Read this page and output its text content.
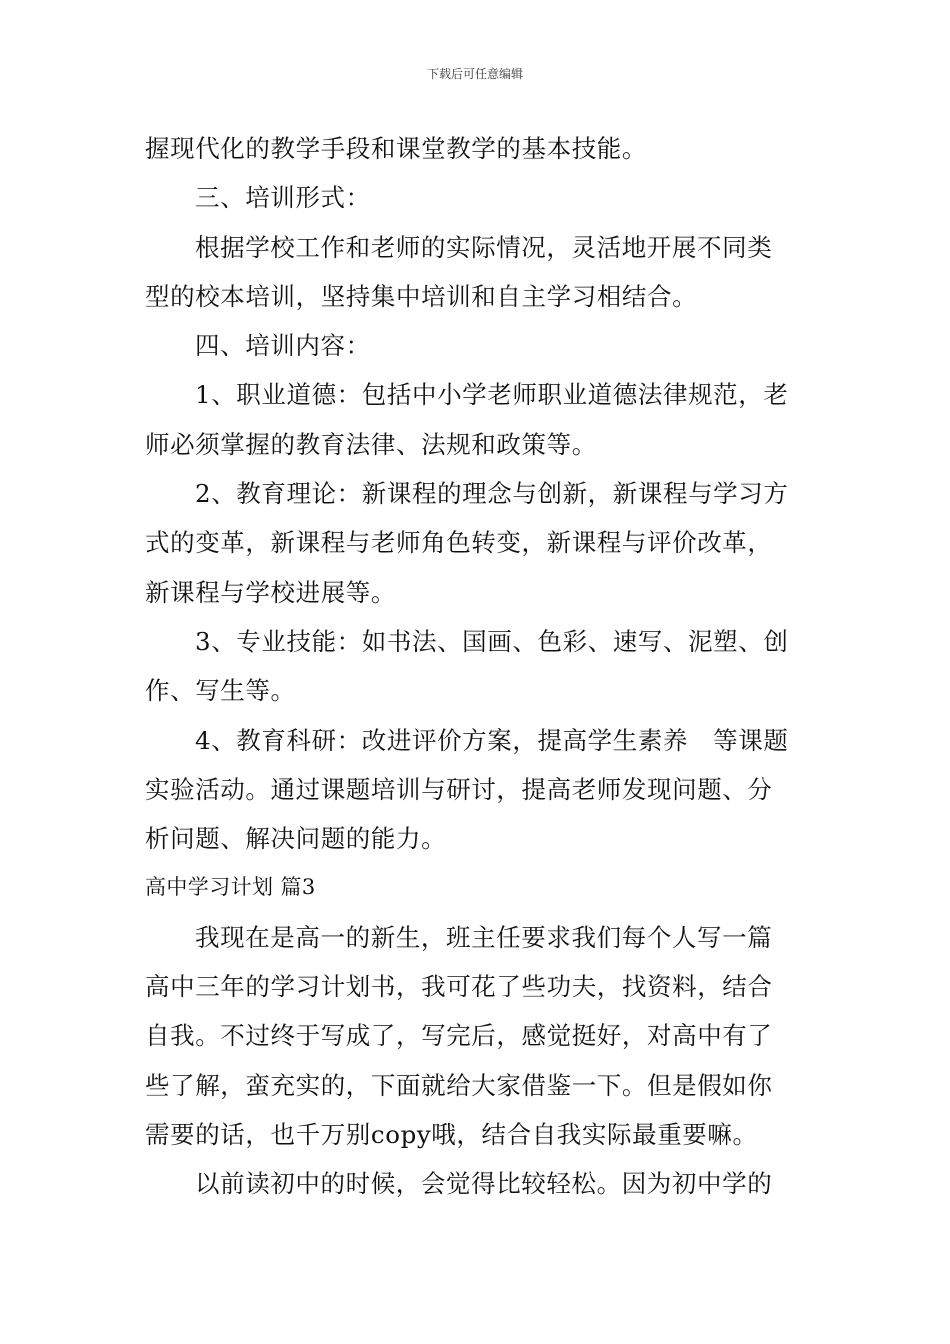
下载后可任意编辑
握现代化的教学手段和课堂教学的基本技能。
三、培训形式：
根据学校工作和老师的实际情况，灵活地开展不同类
型的校本培训，坚持集中培训和自主学习相结合。
四、培训内容：
1、职业道德：包括中小学老师职业道德法律规范，老
师必须掌握的教育法律、法规和政策等。
2、教育理论：新课程的理念与创新，新课程与学习方
式的变革，新课程与老师角色转变，新课程与评价改革，
新课程与学校进展等。
3、专业技能：如书法、国画、色彩、速写、泥塑、创
作、写生等。
4、教育科研：改进评价方案，提高学生素养　等课题
实验活动。通过课题培训与研讨，提高老师发现问题、分
析问题、解决问题的能力。
高中学习计划 篇3
我现在是高一的新生，班主任要求我们每个人写一篇
高中三年的学习计划书，我可花了些功夫，找资料，结合
自我。不过终于写成了，写完后，感觉挺好，对高中有了
些了解，蛮充实的，下面就给大家借鉴一下。但是假如你
需要的话，也千万别copy哦，结合自我实际最重要嘛。
以前读初中的时候，会觉得比较轻松。因为初中学的
